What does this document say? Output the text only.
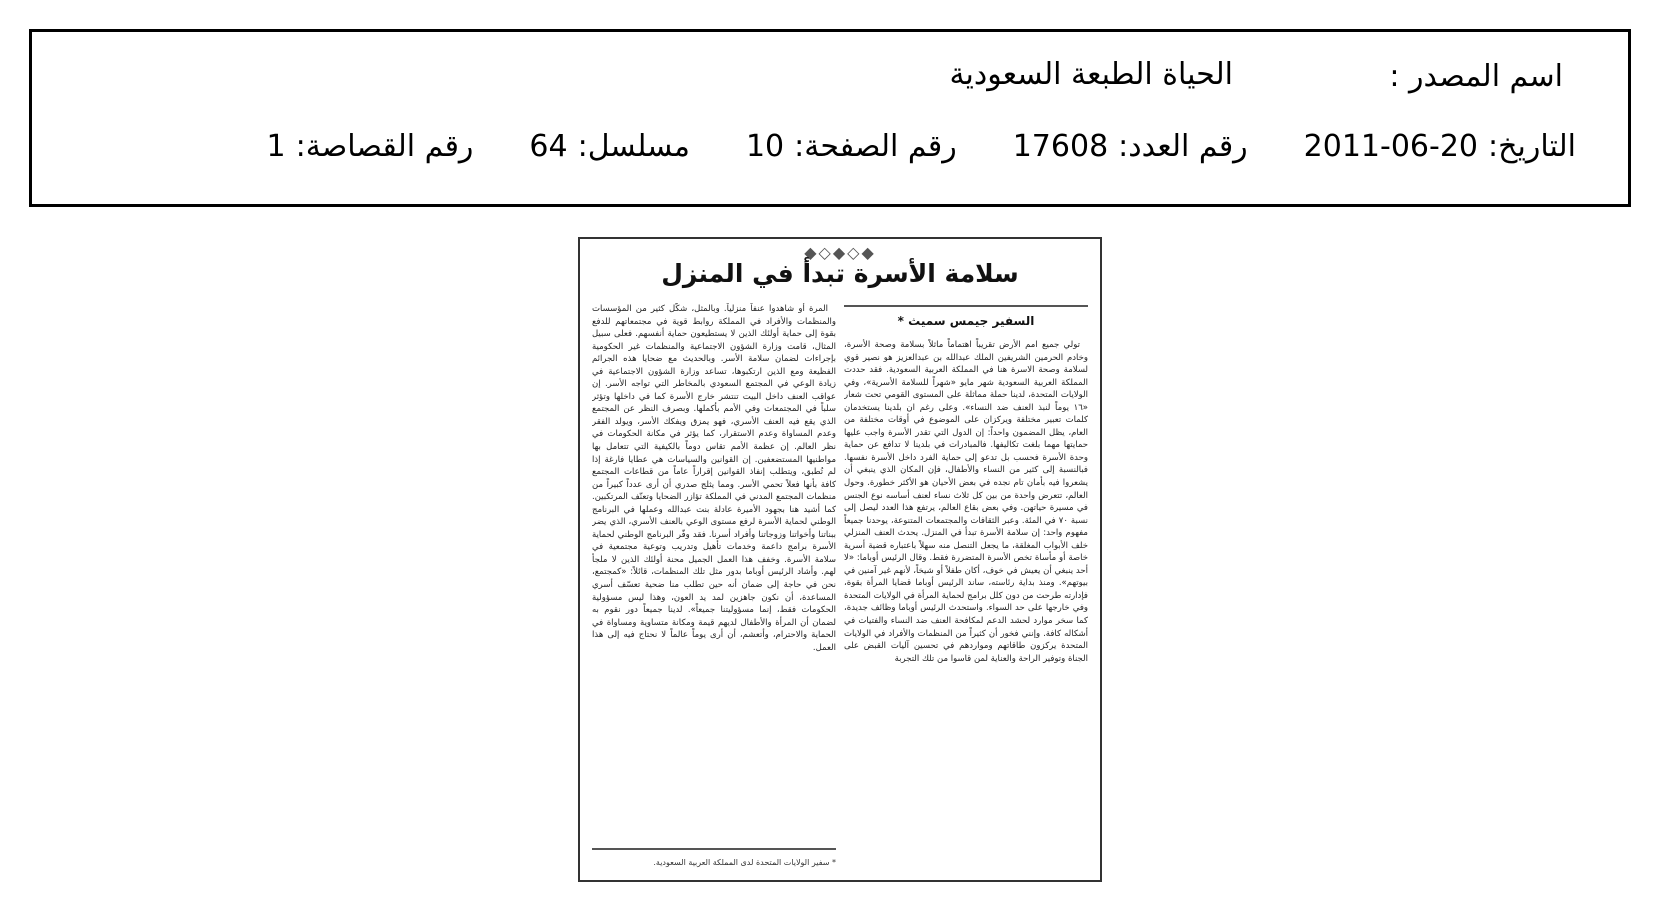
اسم المصدر :
الحياة الطبعة السعودية
التاريخ:
2011-06-20
رقم العدد:
17608
رقم الصفحة:
10
مسلسل:
64
رقم القصاصة:
1
◆◇◆◇◆
سلامة الأسرة تبدأ في المنزل
السفير جيمس سميث *

تولي جميع امم الأرض تقريباً اهتماماً ماثلاً بسلامة وصحة الأسرة، وخادم الحرمين الشريفين الملك عبدالله بن عبدالعزيز هو نصير قوي لسلامة وصحة الاسرة هنا في المملكة العربية السعودية. فقد حددت المملكة العربية السعودية شهر مايو «شهراً للسلامة الأسرية»، وفي الولايات المتحدة، لدينا حملة مماثلة على المستوى القومي تحت شعار «١٦ يوماً لنبذ العنف ضد النساء». وعلى رغم ان بلدينا يستخدمان كلمات تعبير مختلفة ويركزان على الموضوع في أوقات مختلفة من العام، يظل المضمون واحداً: إن الدول التي تقدر الأسرة واجب عليها حمايتها مهما بلغت تكاليفها. فالمبادرات في بلدينا لا تدافع عن حماية وحدة الأسرة فحسب بل تدعو إلى حماية الفرد داخل الأسرة نفسها. فبالنسبة إلى كثير من النساء والأطفال، فإن المكان الذي ينبغي أن يشعروا فيه بأمان تام نجده في بعض الأحيان هو الأكثر خطورة. وحول العالم، تتعرض واحدة من بين كل ثلاث نساء لعنف أساسه نوع الجنس في مسيرة حياتهن. وفي بعض بقاع العالم، يرتفع هذا العدد ليصل إلى نسبة ٧٠ في المئة. وعبر الثقافات والمجتمعات المتنوعة، يوحدنا جميعاً مفهوم واحد: إن سلامة الأسرة تبدأ في المنزل. يحدث العنف المنزلي خلف الأبواب المغلقة، ما يجعل التنصل منه سهلاً باعتباره قضية أسرية خاصة أو مأساة تخص الأسرة المتضررة فقط. وقال الرئيس أوباما: «لا أحد ينبغي أن يعيش في خوف، أكان طفلاً أو شيخاً، لأنهم غير آمنين في بيوتهم». ومنذ بداية رئاسته، ساند الرئيس أوباما قضايا المرأة بقوة، فإدارته طرحت من دون كلل برامج لحماية المرأة في الولايات المتحدة وفي خارجها على حد السواء. واستحدث الرئيس أوباما وظائف جديدة، كما سخر موارد لحشد الدعم لمكافحة العنف ضد النساء والفتيات في أشكاله كافة. وإنني فخور أن كثيراً من المنظمات والأفراد في الولايات المتحدة يركزون طاقاتهم ومواردهم في تحسين آليات القبض على الجناة وتوفير الراحة والعناية لمن قاسوا من تلك التجربة

المرة أو شاهدوا عنفاً منزلياً. وبالمثل، شكّل كثير من المؤسسات والمنظمات والأفراد في المملكة روابط قوية في مجتمعاتهم للدفع بقوة إلى حماية أولئك الذين لا يستطيعون حماية أنفسهم. فعلى سبيل المثال، قامت وزارة الشؤون الاجتماعية والمنظمات غير الحكومية بإجراءات لضمان سلامة الأسر. وبالحديث مع ضحايا هذه الجرائم الفظيعة ومع الذين ارتكبوها، تساعد وزارة الشؤون الاجتماعية في زيادة الوعي في المجتمع السعودي بالمخاطر التي تواجه الأسر. إن عواقب العنف داخل البيت تنتشر خارج الأسرة كما في داخلها وتؤثر سلباً في المجتمعات وفي الأمم بأكملها. وبصرف النظر عن المجتمع الذي يقع فيه العنف الأسري، فهو يمزق ويفكك الأسر، ويولد الفقر وعدم المساواة وعدم الاستقرار، كما يؤثر في مكانة الحكومات في نظر العالم. إن عظمة الأمم تقاس دوماً بالكيفية التي تتعامل بها مواطنيها المستضعفين. إن القوانين والسياسات هي عطايا فارغة إذا لم تُطبق، ويتطلب إنفاذ القوانين إقراراً عاماً من قطاعات المجتمع كافة بأنها فعلاً تحمي الأسر. ومما يثلج صدري أن أرى عدداً كبيراً من منظمات المجتمع المدني في المملكة تؤازر الضحايا وتعنّف المرتكبين. كما أشيد هنا بجهود الأميرة عادلة بنت عبدالله وعملها في البرنامج الوطني لحماية الأسرة لرفع مستوى الوعي بالعنف الأسري، الذي يضر ببناتنا وأخواتنا وزوجاتنا وأفراد أسرنا. فقد وفّر البرنامج الوطني لحماية الأسرة برامج داعمة وخدمات تأهيل وتدريب وتوعية مجتمعية في سلامة الأسرة. وخفف هذا العمل الجميل محنة أولئك الذين لا ملجأ لهم. وأشاد الرئيس أوباما بدور مثل تلك المنظمات، قائلاً: «كمجتمع، نحن في حاجة إلى ضمان أنه حين تطلب منا ضحية تعسّف أسري المساعدة، أن نكون جاهزين لمد يد العون، وهذا ليس مسؤولية الحكومات فقط، إنما مسؤوليتنا جميعاً». لدينا جميعاً دور نقوم به لضمان أن المرأة والأطفال لديهم قيمة ومكانة متساوية ومساواة في الحماية والاحترام، وأتعشم، أن أرى يوماً عالماً لا نحتاج فيه إلى هذا العمل.

* سفير الولايات المتحدة لدى المملكة العربية السعودية.
